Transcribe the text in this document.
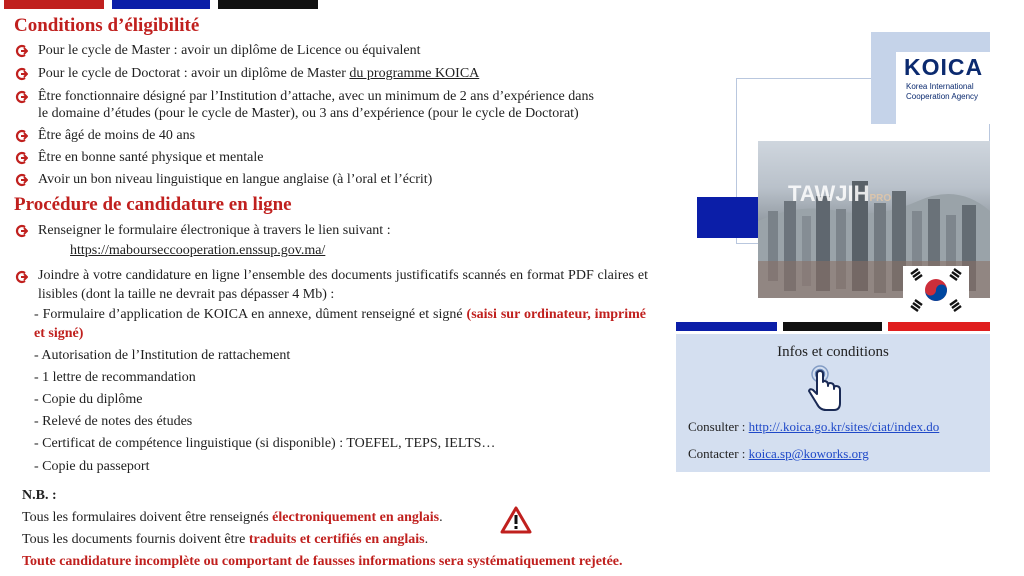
Conditions d’éligibilité
Pour le cycle de Master : avoir un diplôme de Licence ou équivalent
Pour le cycle de Doctorat : avoir un diplôme de Master du programme KOICA
Être fonctionnaire désigné par l’Institution d’attache, avec un minimum de 2 ans d’expérience dans
le domaine d’études (pour le cycle de Master), ou 3 ans d’expérience (pour le cycle de Doctorat)
Être âgé de moins de 40 ans
Être en bonne santé physique et mentale
Avoir un bon niveau linguistique en langue anglaise (à l’oral et l’écrit)
Procédure de candidature en ligne
Renseigner le formulaire électronique à travers le lien suivant :
https://mabourseccooperation.enssup.gov.ma/
Joindre à votre candidature en ligne l’ensemble des documents justificatifs scannés en format PDF claires et lisibles (dont la taille ne devrait pas dépasser 4 Mb) :
- Formulaire d’application de KOICA en annexe, dûment renseigné et signé (saisi sur ordinateur, imprimé et signé)
- Autorisation de l’Institution de rattachement
- 1 lettre de recommandation
- Copie du diplôme
- Relevé de notes des études
- Certificat de compétence linguistique (si disponible) : TOEFEL, TEPS, IELTS…
- Copie du passeport
N.B. :
Tous les formulaires doivent être renseignés électroniquement en anglais.
Tous les documents fournis doivent être traduits et certifiés en anglais.
Toute candidature incomplète ou comportant de fausses informations sera systématiquement rejetée.
KOICA
Korea International
Cooperation Agency
TAWJIHPRO
Infos et conditions
Consulter : http://.koica.go.kr/sites/ciat/index.do
Contacter : koica.sp@koworks.org
